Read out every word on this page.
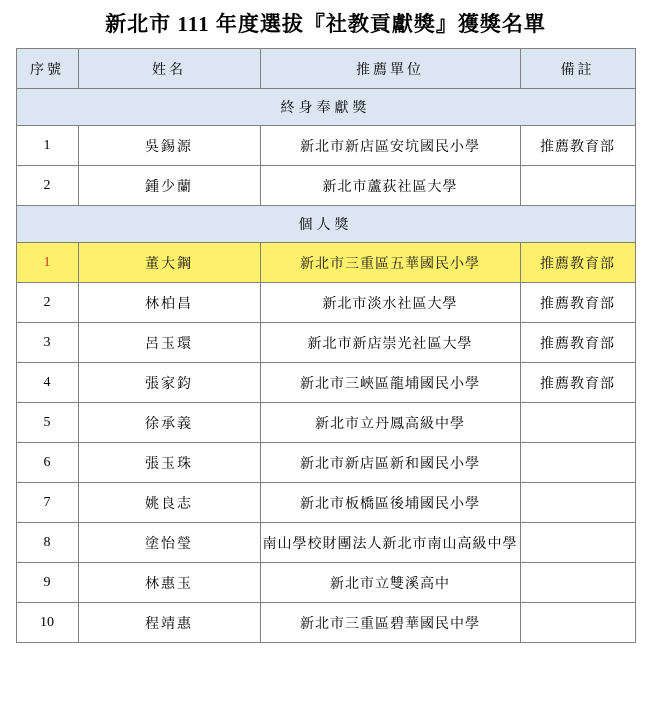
新北市 111 年度選拔『社教貢獻獎』獲獎名單
序號	姓名	推薦單位	備註
終身奉獻獎			
1	吳錫源	新北市新店區安坑國民小學	推薦教育部
2	鍾少蘭	新北市蘆荻社區大學	
個人獎			
1	董大鋼	新北市三重區五華國民小學	推薦教育部
2	林柏昌	新北市淡水社區大學	推薦教育部
3	呂玉環	新北市新店崇光社區大學	推薦教育部
4	張家鈞	新北市三峽區龍埔國民小學	推薦教育部
5	徐承義	新北市立丹鳳高級中學	
6	張玉珠	新北市新店區新和國民小學	
7	姚良志	新北市板橋區後埔國民小學	
8	塗怡瑩	南山學校財團法人新北市南山高級中學	
9	林惠玉	新北市立雙溪高中	
10	程靖惠	新北市三重區碧華國民中學	
